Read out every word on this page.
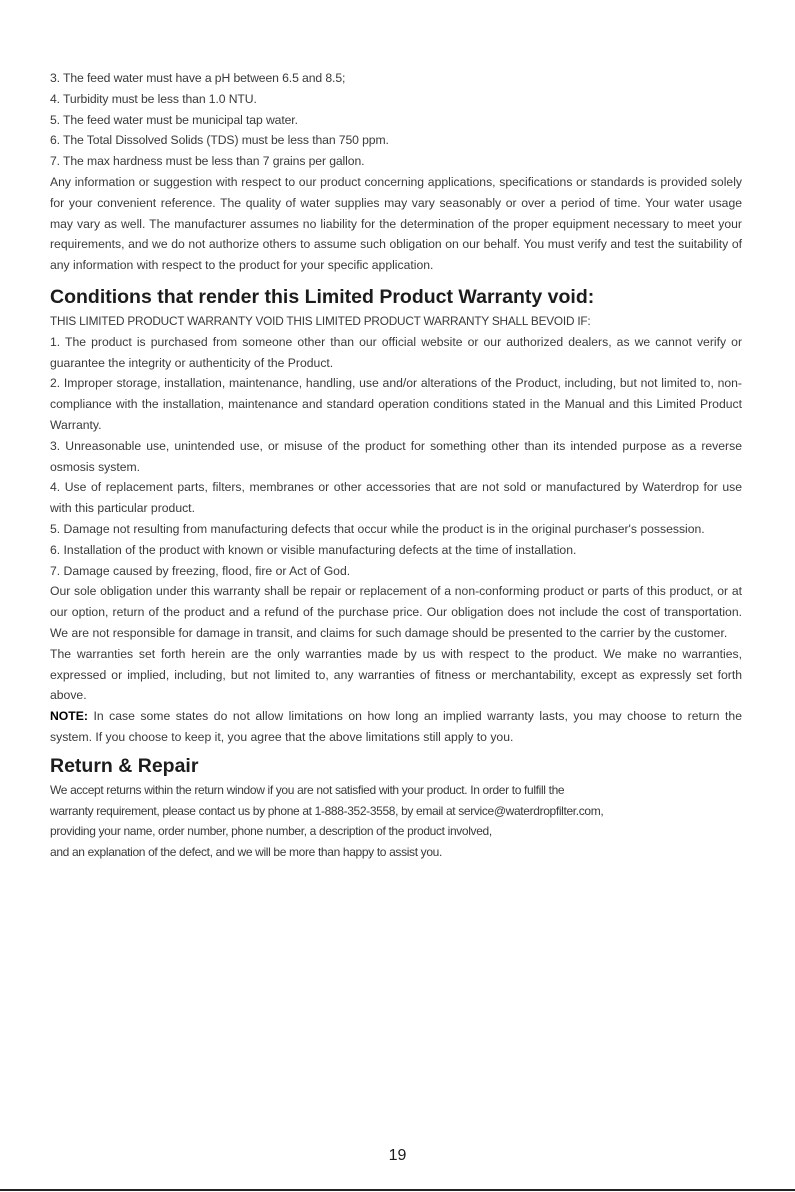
3. The feed water must have a pH between 6.5 and 8.5;
4. Turbidity must be less than 1.0 NTU.
5. The feed water must be municipal tap water.
6. The Total Dissolved Solids (TDS) must be less than 750 ppm.
7. The max hardness must be less than 7 grains per gallon.
Any information or suggestion with respect to our product concerning applications, specifications or standards is provided solely for your convenient reference. The quality of water supplies may vary seasonably or over a period of time. Your water usage may vary as well. The manufacturer assumes no liability for the determination of the proper equipment necessary to meet your requirements, and we do not authorize others to assume such obligation on our behalf. You must verify and test the suitability of any information with respect to the product for your specific application.
Conditions that render this Limited Product Warranty void:
THIS LIMITED PRODUCT WARRANTY VOID THIS LIMITED PRODUCT WARRANTY SHALL BEVOID IF:
1. The product is purchased from someone other than our official website or our authorized dealers, as we cannot verify or guarantee the integrity or authenticity of the Product.
2. Improper storage, installation, maintenance, handling, use and/or alterations of the Product, including, but not limited to, non-compliance with the installation, maintenance and standard operation conditions stated in the Manual and this Limited Product Warranty.
3. Unreasonable use, unintended use, or misuse of the product for something other than its intended purpose as a reverse osmosis system.
4. Use of replacement parts, filters, membranes or other accessories that are not sold or manufactured by Waterdrop for use with this particular product.
5. Damage not resulting from manufacturing defects that occur while the product is in the original purchaser's possession.
6. Installation of the product with known or visible manufacturing defects at the time of installation.
7. Damage caused by freezing, flood, fire or Act of God.
Our sole obligation under this warranty shall be repair or replacement of a non-conforming product or parts of this product, or at our option, return of the product and a refund of the purchase price. Our obligation does not include the cost of transportation. We are not responsible for damage in transit, and claims for such damage should be presented to the carrier by the customer.
The warranties set forth herein are the only warranties made by us with respect to the product. We make no warranties, expressed or implied, including, but not limited to, any warranties of fitness or merchantability, except as expressly set forth above.
NOTE: In case some states do not allow limitations on how long an implied warranty lasts, you may choose to return the system. If you choose to keep it, you agree that the above limitations still apply to you.
Return & Repair
We accept returns within the return window if you are not satisfied with your product. In order to fulfill the
warranty requirement, please contact us by phone at 1-888-352-3558, by email at service@waterdropfilter.com,
providing your name, order number, phone number, a description of the product involved,
and an explanation of the defect, and we will be more than happy to assist you.
19
